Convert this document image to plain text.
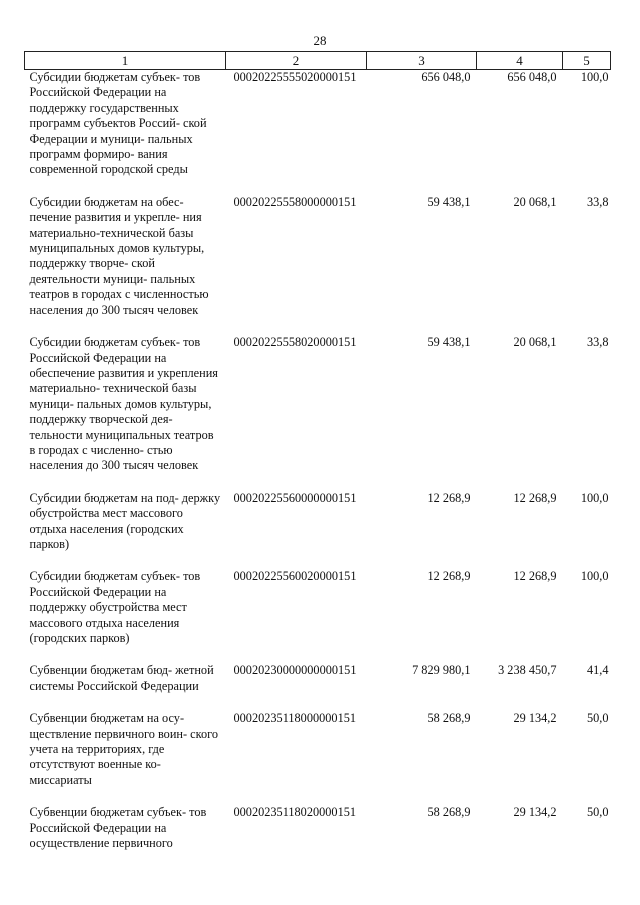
28
1	2	3	4	5
Субсидии бюджетам субъек- тов Российской Федерации на поддержку государственных программ субъектов Россий- ской Федерации и муници- пальных программ формиро- вания современной городской среды	00020225555020000151	656 048,0	656 048,0	100,0
Субсидии бюджетам на обес- печение развития и укрепле- ния материально-технической базы муниципальных домов культуры, поддержку творче- ской деятельности муници- пальных театров в городах с численностью населения до 300 тысяч человек	00020225558000000151	59 438,1	20 068,1	33,8
Субсидии бюджетам субъек- тов Российской Федерации на обеспечение развития и укрепления материально- технической базы муници- пальных домов культуры, поддержку творческой дея- тельности муниципальных театров в городах с численно- стью населения до 300 тысяч человек	00020225558020000151	59 438,1	20 068,1	33,8
Субсидии бюджетам на под- держку обустройства мест массового отдыха населения (городских парков)	00020225560000000151	12 268,9	12 268,9	100,0
Субсидии бюджетам субъек- тов Российской Федерации на поддержку обустройства мест массового отдыха населения (городских парков)	00020225560020000151	12 268,9	12 268,9	100,0
Субвенции бюджетам бюд- жетной системы Российской Федерации	00020230000000000151	7 829 980,1	3 238 450,7	41,4
Субвенции бюджетам на осу- ществление первичного воин- ского учета на территориях, где отсутствуют военные ко- миссариаты	00020235118000000151	58 268,9	29 134,2	50,0
Субвенции бюджетам субъек- тов Российской Федерации на осуществление первичного	00020235118020000151	58 268,9	29 134,2	50,0
